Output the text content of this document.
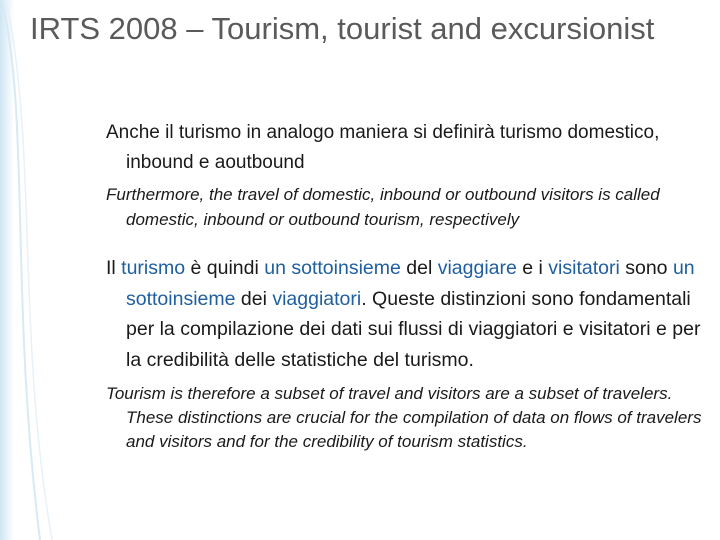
IRTS 2008 – Tourism, tourist and excursionist

Anche il turismo in analogo maniera si definirà turismo domestico, inbound e aoutbound

Furthermore, the travel of domestic, inbound or outbound visitors is called domestic, inbound or outbound tourism, respectively

Il turismo è quindi un sottoinsieme del viaggiare e i visitatori sono un sottoinsieme dei viaggiatori. Queste distinzioni sono fondamentali per la compilazione dei dati sui flussi di viaggiatori e visitatori e per la credibilità delle statistiche del turismo.

Tourism is therefore a subset of travel and visitors are a subset of travelers. These distinctions are crucial for the compilation of data on flows of travelers and visitors and for the credibility of tourism statistics.
